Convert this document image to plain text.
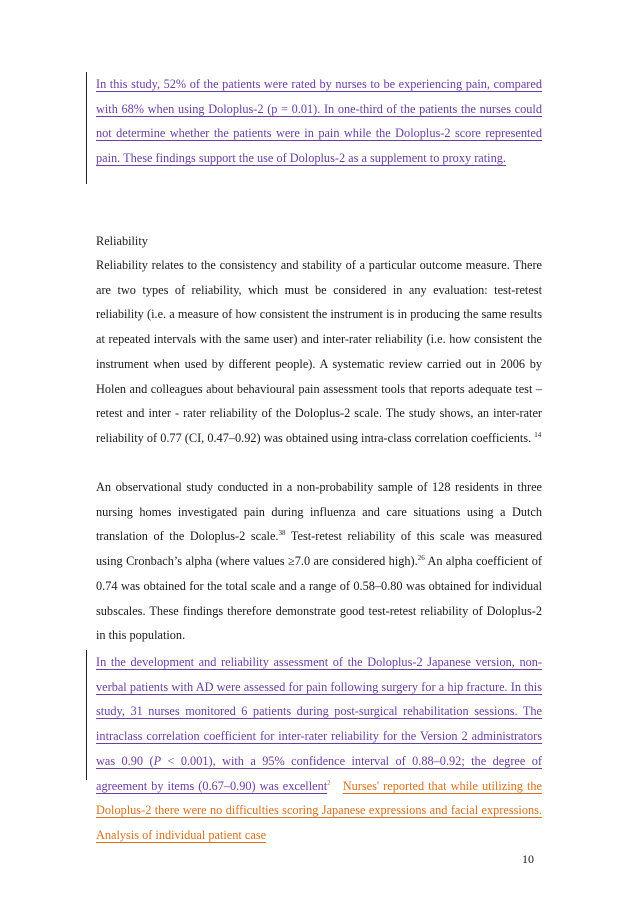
In this study, 52% of the patients were rated by nurses to be experiencing pain, compared with 68% when using Doloplus-2 (p = 0.01). In one-third of the patients the nurses could not determine whether the patients were in pain while the Doloplus-2 score represented pain. These findings support the use of Doloplus-2 as a supplement to proxy rating.

Reliability

Reliability relates to the consistency and stability of a particular outcome measure. There are two types of reliability, which must be considered in any evaluation: test-retest reliability (i.e. a measure of how consistent the instrument is in producing the same results at repeated intervals with the same user) and inter-rater reliability (i.e. how consistent the instrument when used by different people). A systematic review carried out in 2006 by Holen and colleagues about behavioural pain assessment tools that reports adequate test – retest and inter - rater reliability of the Doloplus-2 scale. The study shows, an inter-rater reliability of 0.77 (CI, 0.47–0.92) was obtained using intra-class correlation coefficients. $^{14}$

An observational study conducted in a non-probability sample of 128 residents in three nursing homes investigated pain during influenza and care situations using a Dutch translation of the Doloplus-2 scale.$^{38}$ Test-retest reliability of this scale was measured using Cronbach’s alpha (where values ≥7.0 are considered high).$^{26}$ An alpha coefficient of 0.74 was obtained for the total scale and a range of 0.58–0.80 was obtained for individual subscales. These findings therefore demonstrate good test-retest reliability of Doloplus-2 in this population.

In the development and reliability assessment of the Doloplus-2 Japanese version, non-verbal patients with AD were assessed for pain following surgery for a hip fracture. In this study, 31 nurses monitored 6 patients during post-surgical rehabilitation sessions. The intraclass correlation coefficient for inter-rater reliability for the Version 2 administrators was 0.90 (P < 0.001), with a 95% confidence interval of 0.88–0.92; the degree of agreement by items (0.67–0.90) was excellent$^2$ Nurses' reported that while utilizing the Doloplus-2 there were no difficulties scoring Japanese expressions and facial expressions. Analysis of individual patient case

10
